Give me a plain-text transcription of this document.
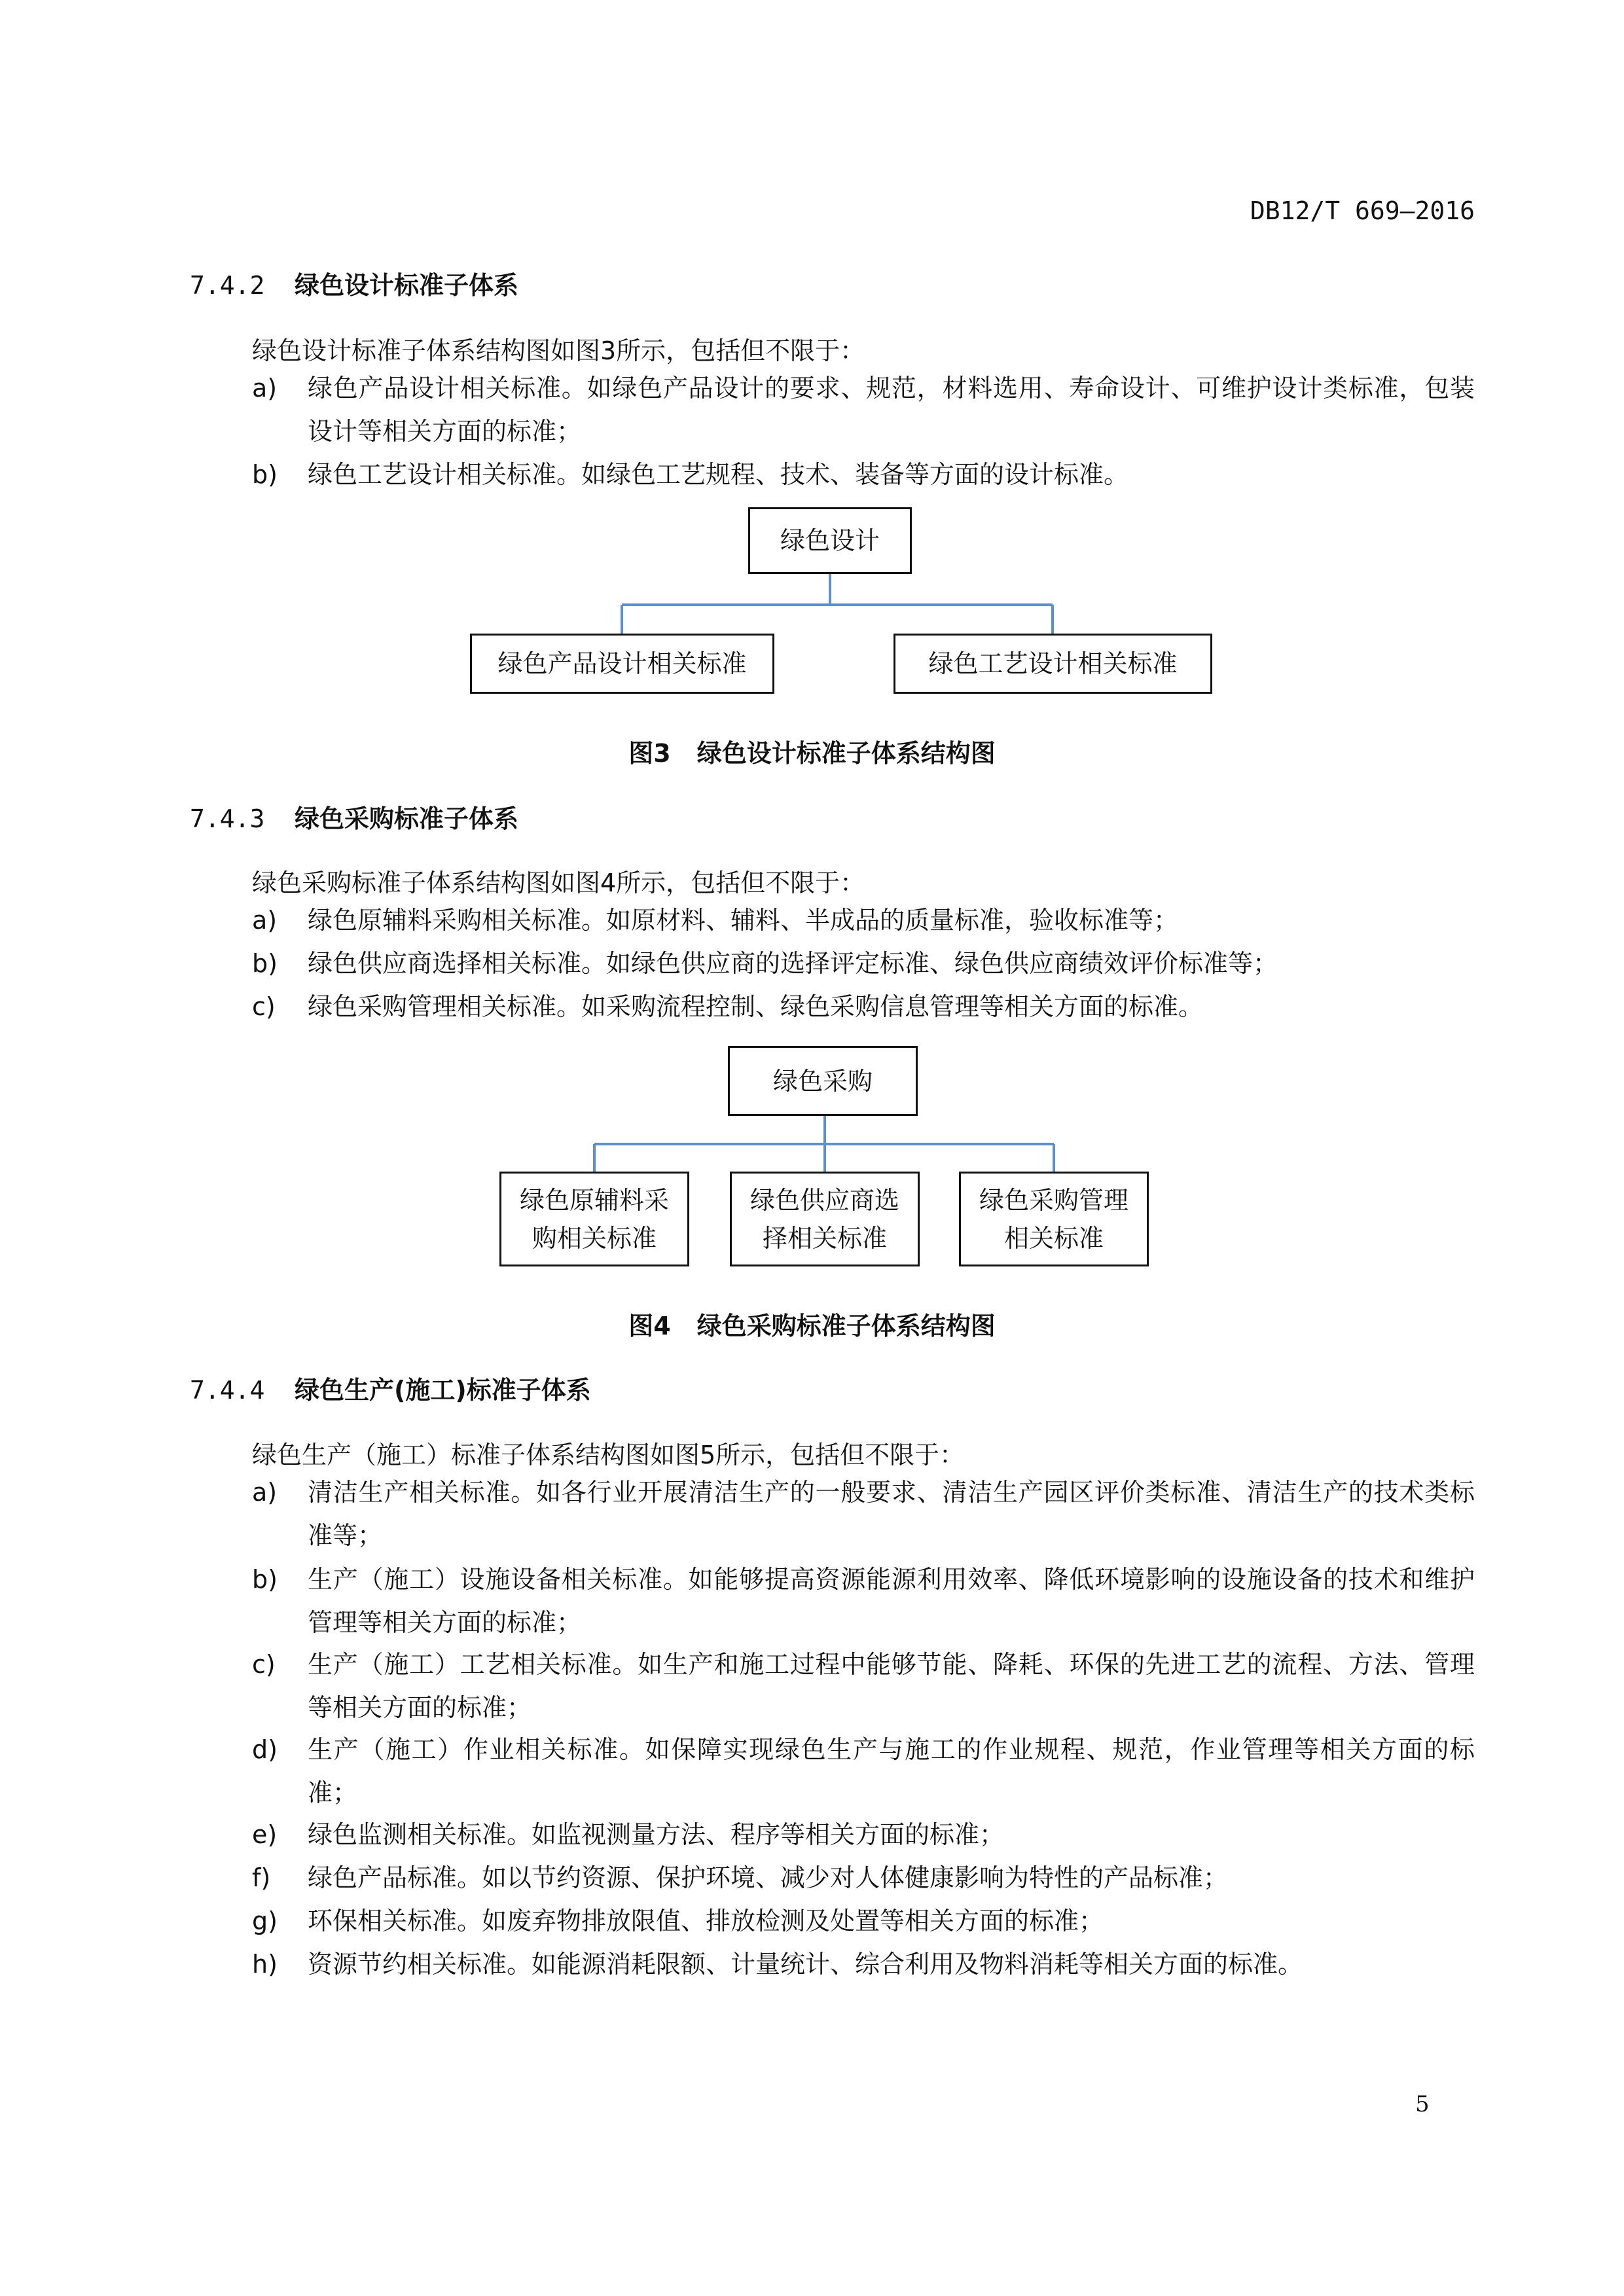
DB12/T 669—2016
7.4.2 绿色设计标准子体系
绿色设计标准子体系结构图如图3所示，包括但不限于：
a) 绿色产品设计相关标准。如绿色产品设计的要求、规范，材料选用、寿命设计、可维护设计类标准，包装设计等相关方面的标准；
b) 绿色工艺设计相关标准。如绿色工艺规程、技术、装备等方面的设计标准。
绿色设计
绿色产品设计相关标准	绿色工艺设计相关标准
图3 绿色设计标准子体系结构图
7.4.3 绿色采购标准子体系
绿色采购标准子体系结构图如图4所示，包括但不限于：
a) 绿色原辅料采购相关标准。如原材料、辅料、半成品的质量标准，验收标准等；
b) 绿色供应商选择相关标准。如绿色供应商的选择评定标准、绿色供应商绩效评价标准等；
c) 绿色采购管理相关标准。如采购流程控制、绿色采购信息管理等相关方面的标准。
绿色采购
绿色原辅料采
购相关标准
绿色供应商选
择相关标准
绿色采购管理
相关标准
图4 绿色采购标准子体系结构图
7.4.4 绿色生产(施工)标准子体系
绿色生产（施工）标准子体系结构图如图5所示，包括但不限于：
a) 清洁生产相关标准。如各行业开展清洁生产的一般要求、清洁生产园区评价类标准、清洁生产的技术类标准等；
b) 生产（施工）设施设备相关标准。如能够提高资源能源利用效率、降低环境影响的设施设备的技术和维护管理等相关方面的标准；
c) 生产（施工）工艺相关标准。如生产和施工过程中能够节能、降耗、环保的先进工艺的流程、方法、管理等相关方面的标准；
d) 生产（施工）作业相关标准。如保障实现绿色生产与施工的作业规程、规范，作业管理等相关方面的标准；
e) 绿色监测相关标准。如监视测量方法、程序等相关方面的标准；
f) 绿色产品标准。如以节约资源、保护环境、减少对人体健康影响为特性的产品标准；
g) 环保相关标准。如废弃物排放限值、排放检测及处置等相关方面的标准；
h) 资源节约相关标准。如能源消耗限额、计量统计、综合利用及物料消耗等相关方面的标准。
5
